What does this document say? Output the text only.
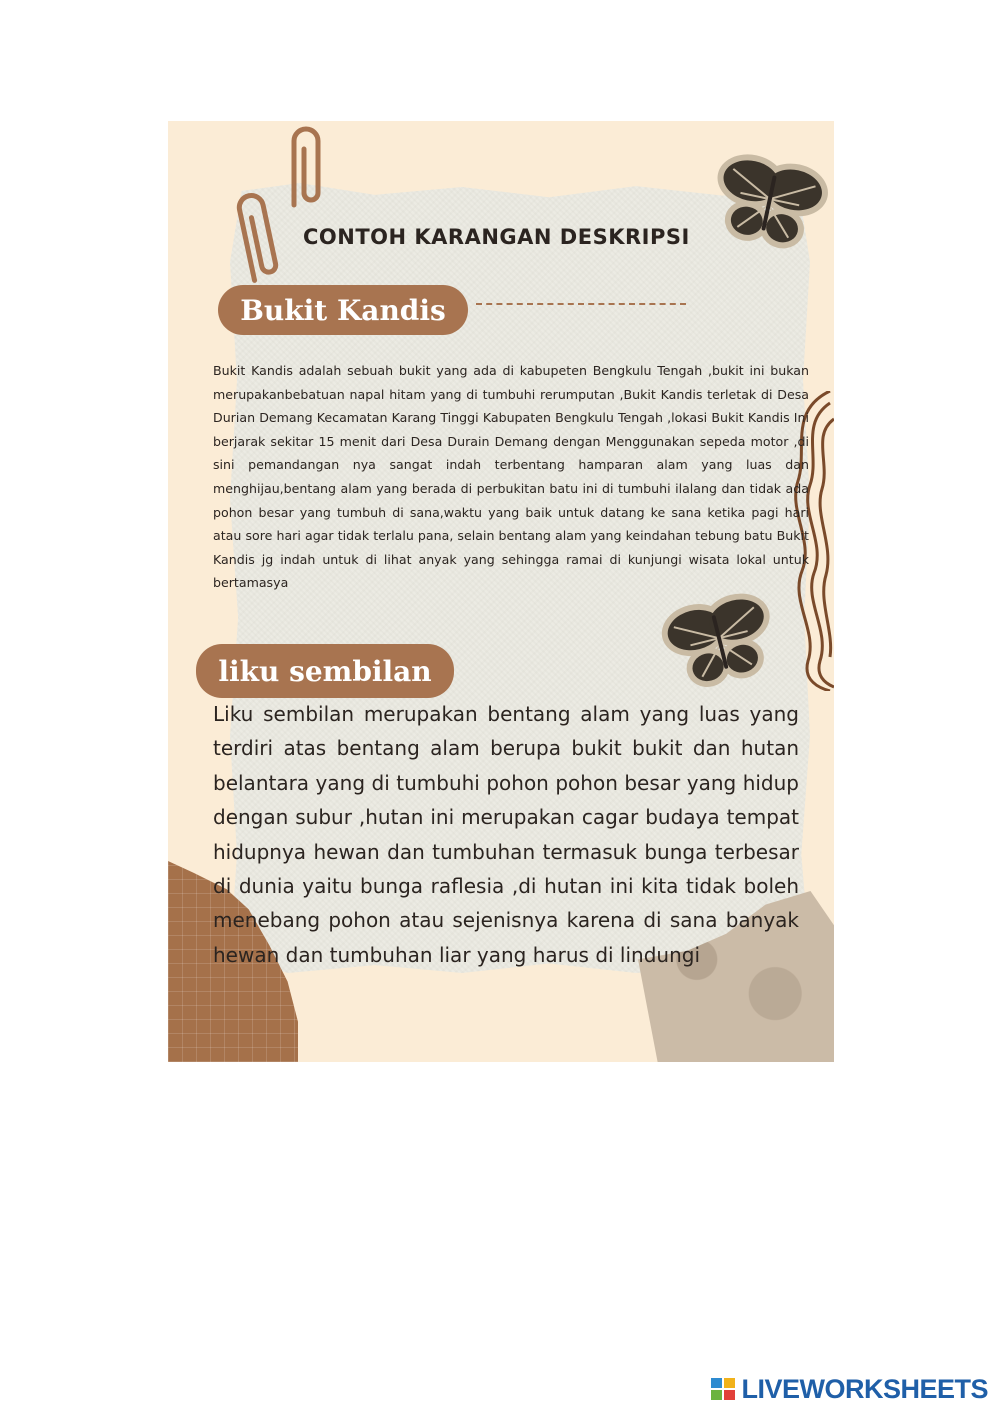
CONTOH KARANGAN DESKRIPSI
Bukit Kandis

Bukit Kandis adalah sebuah bukit yang ada di kabupeten Bengkulu Tengah ,bukit ini bukan merupakanbebatuan napal hitam yang di tumbuhi rerumputan ,Bukit Kandis terletak di Desa Durian Demang Kecamatan Karang Tinggi Kabupaten Bengkulu Tengah ,lokasi Bukit Kandis Ini berjarak sekitar 15 menit dari Desa Durain Demang dengan Menggunakan sepeda motor ,di sini pemandangan nya sangat indah terbentang hamparan alam yang luas dan menghijau,bentang alam yang berada di perbukitan batu ini di tumbuhi ilalang dan tidak ada pohon besar yang tumbuh di sana,waktu yang baik untuk datang ke sana ketika pagi hari atau sore hari agar tidak terlalu pana, selain bentang alam yang keindahan tebung batu Bukit Kandis jg indah untuk di lihat anyak yang sehingga ramai di kunjungi wisata lokal untuk bertamasya

liku sembilan

Liku sembilan merupakan bentang alam yang luas yang terdiri atas bentang alam berupa bukit bukit dan hutan belantara yang di tumbuhi pohon pohon besar yang hidup dengan subur ,hutan ini merupakan cagar budaya tempat hidupnya hewan dan tumbuhan termasuk bunga terbesar di dunia yaitu bunga raflesia ,di hutan ini kita tidak boleh menebang pohon atau sejenisnya karena di sana banyak hewan dan tumbuhan liar yang harus di lindungi

LIVEWORKSHEETS
